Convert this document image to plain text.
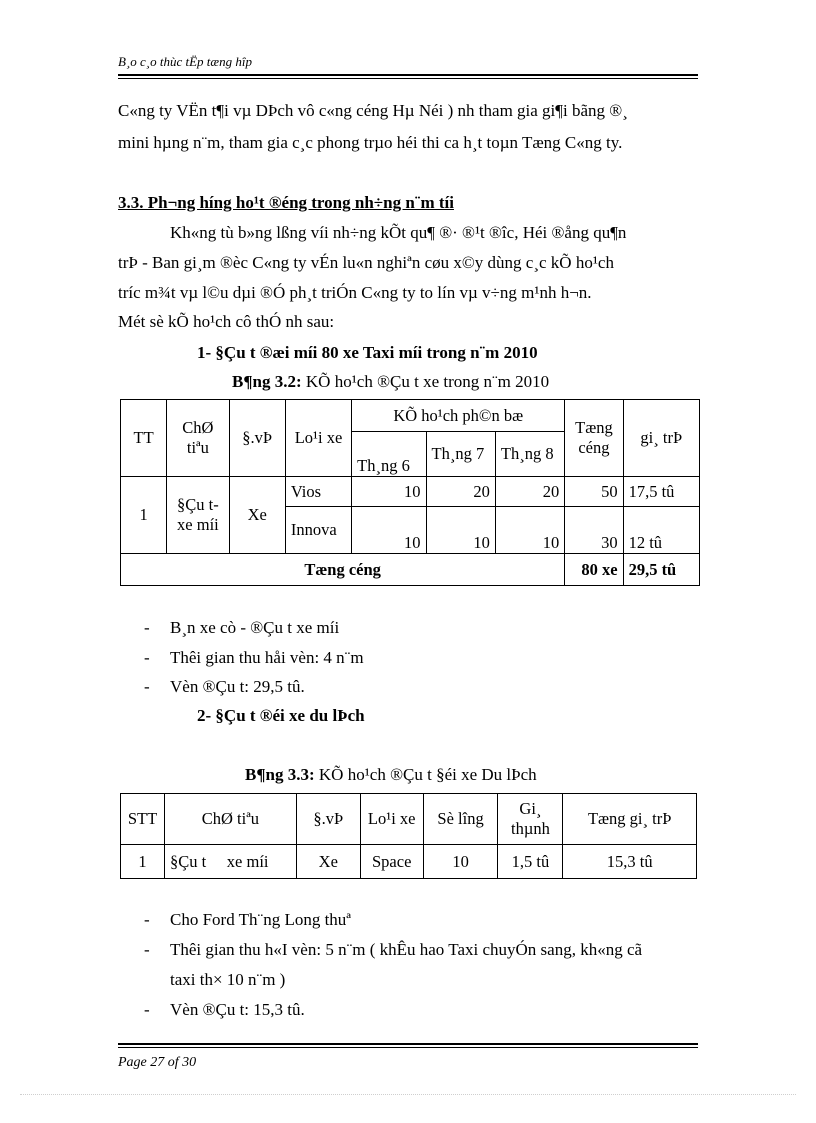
B¸o c¸o thùc tËp tæng hîp
C«ng ty VËn t¶i vµ DÞch vô c«ng céng Hµ Néi ) nh tham gia gi¶i bãng ®¸
mini hµng n¨m, tham gia c¸c phong trµo héi thi ca h¸t toµn Tæng C«ng ty.
3.3. Ph¬ng híng ho¹t ®éng trong nh÷ng n¨m tíi
Kh«ng tù b»ng lßng víi nh÷ng kÕt qu¶ ®· ®¹t ®îc, Héi ®ång qu¶n
trÞ - Ban gi¸m ®èc C«ng ty vÉn lu«n nghiªn cøu x©y dùng c¸c kÕ ho¹ch
tríc m¾t vµ l©u dµi ®Ó ph¸t triÓn C«ng ty to lín vµ v÷ng m¹nh h¬n.
Mét sè kÕ ho¹ch cô thÓ nh sau:
1- §Çu t ®æi míi 80 xe Taxi míi trong n¨m 2010
B¶ng 3.2: KÕ ho¹ch ®Çu t xe trong n¨m 2010
TT	ChØ tiªu	§.vÞ	Lo¹i xe	KÕ ho¹ch ph©n bæ			Tæng céng	gi¸ trÞ
				Th¸ng 6	Th¸ng 7	Th¸ng 8		
1	§Çu t xe míi	Xe	Vios	10	20	20	50	17,5 tû
			Innova	10	10	10	30	12 tû
Tæng céng							80 xe	29,5 tû
- B¸n xe cò - ®Çu t xe míi
- Thêi gian thu håi vèn: 4 n¨m
- Vèn ®Çu t: 29,5 tû.
2- §Çu t ®éi xe du lÞch
B¶ng 3.3: KÕ ho¹ch ®Çu t §éi xe Du lÞch
STT	ChØ tiªu	§.vÞ	Lo¹i xe	Sè lîng	Gi¸ thµnh	Tæng gi¸ trÞ
1	§Çu t     xe míi	Xe	Space	10	1,5 tû	15,3 tû
- Cho Ford Th¨ng Long thuª
- Thêi gian thu h«I vèn: 5 n¨m ( khÊu hao Taxi chuyÓn sang, kh«ng cã
taxi th× 10 n¨m )
- Vèn ®Çu t: 15,3 tû.
Page 27 of 30
